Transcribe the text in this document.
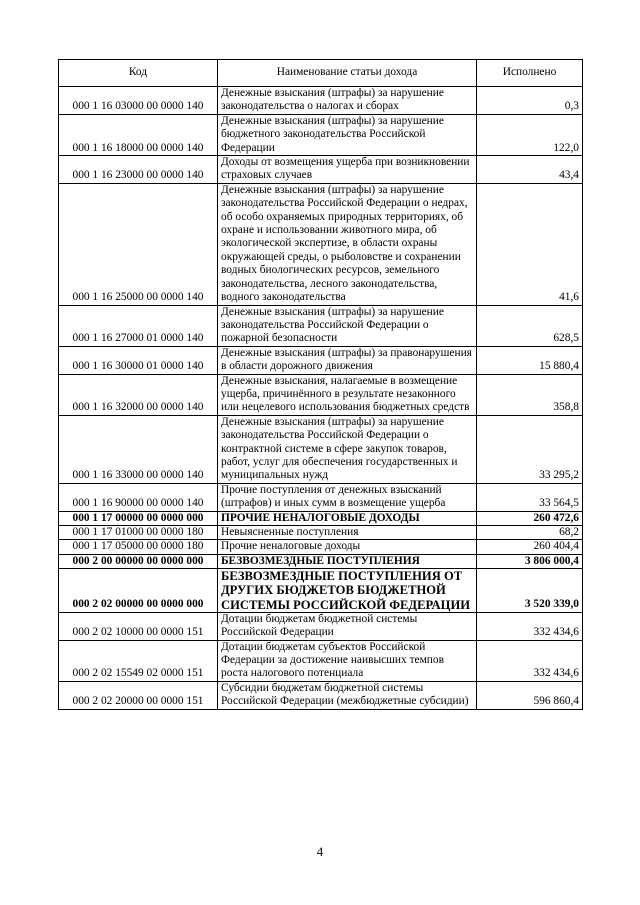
Код	Наименование статьи дохода	Исполнено
000 1 16 03000 00 0000 140	Денежные взыскания (штрафы) за нарушение законодательства о налогах и сборах	0,3
000 1 16 18000 00 0000 140	Денежные взыскания (штрафы) за нарушение бюджетного законодательства Российской Федерации	122,0
000 1 16 23000 00 0000 140	Доходы от возмещения ущерба при возникновении страховых случаев	43,4
000 1 16 25000 00 0000 140	Денежные взыскания (штрафы) за нарушение законодательства Российской Федерации о недрах, об особо охраняемых природных территориях, об охране и использовании животного мира, об экологической экспертизе, в области охраны окружающей среды, о рыболовстве и сохранении водных биологических ресурсов, земельного законодательства, лесного законодательства, водного законодательства	41,6
000 1 16 27000 01 0000 140	Денежные взыскания (штрафы) за нарушение законодательства Российской Федерации о пожарной безопасности	628,5
000 1 16 30000 01 0000 140	Денежные взыскания (штрафы) за правонарушения в области дорожного движения	15 880,4
000 1 16 32000 00 0000 140	Денежные взыскания, налагаемые в возмещение ущерба, причинённого в результате незаконного или нецелевого использования бюджетных средств	358,8
000 1 16 33000 00 0000 140	Денежные взыскания (штрафы) за нарушение законодательства Российской Федерации о контрактной системе в сфере закупок товаров, работ, услуг для обеспечения государственных и муниципальных нужд	33 295,2
000 1 16 90000 00 0000 140	Прочие поступления от денежных взысканий (штрафов) и иных сумм в возмещение ущерба	33 564,5
000 1 17 00000 00 0000 000	ПРОЧИЕ НЕНАЛОГОВЫЕ ДОХОДЫ	260 472,6
000 1 17 01000 00 0000 180	Невыясненные поступления	68,2
000 1 17 05000 00 0000 180	Прочие неналоговые доходы	260 404,4
000 2 00 00000 00 0000 000	БЕЗВОЗМЕЗДНЫЕ ПОСТУПЛЕНИЯ	3 806 000,4
000 2 02 00000 00 0000 000	БЕЗВОЗМЕЗДНЫЕ ПОСТУПЛЕНИЯ ОТ ДРУГИХ БЮДЖЕТОВ БЮДЖЕТНОЙ СИСТЕМЫ РОССИЙСКОЙ ФЕДЕРАЦИИ	3 520 339,0
000 2 02 10000 00 0000 151	Дотации бюджетам бюджетной системы Российской Федерации	332 434,6
000 2 02 15549 02 0000 151	Дотации бюджетам субъектов Российской Федерации за достижение наивысших темпов роста налогового потенциала	332 434,6
000 2 02 20000 00 0000 151	Субсидии бюджетам бюджетной системы Российской Федерации (межбюджетные субсидии)	596 860,4
4
